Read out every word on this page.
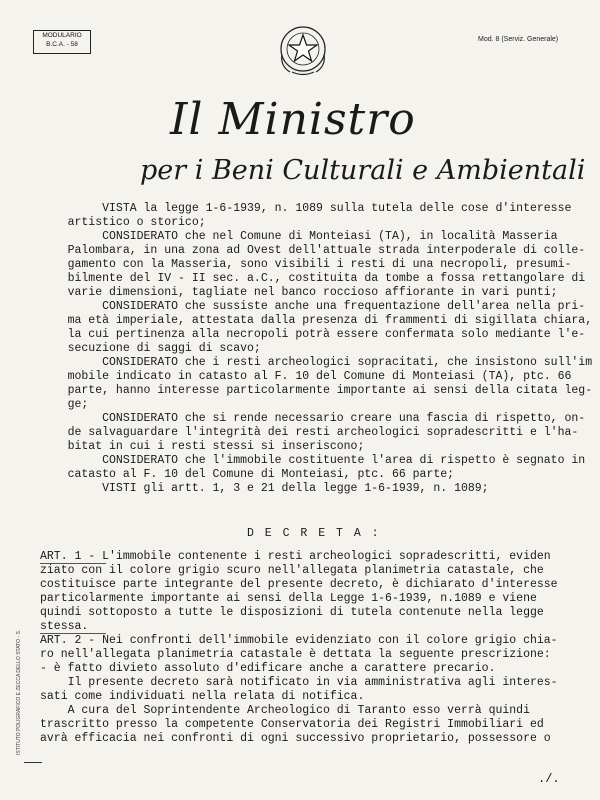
MODULARIO
B.C.A. - 58
Mod. 8 (Serviz. Generale)
Il Ministro
per i Beni Culturali e Ambientali

VISTA la legge 1-6-1939, n. 1089 sulla tutela delle cose d'interesse

artistico o storico;

CONSIDERATO che nel Comune di Monteiasi (TA), in località Masseria

Palombara, in una zona ad Ovest dell'attuale strada interpoderale di colle-

gamento con la Masseria, sono visibili i resti di una necropoli, presumi-

bilmente del IV - II sec. a.C., costituita da tombe a fossa rettangolare di

varie dimensioni, tagliate nel banco roccioso affiorante in vari punti;

CONSIDERATO che sussiste anche una frequentazione dell'area nella pri-

ma età imperiale, attestata dalla presenza di frammenti di sigillata chiara,

la cui pertinenza alla necropoli potrà essere confermata solo mediante l'e-

secuzione di saggi di scavo;

CONSIDERATO che i resti archeologici sopracitati, che insistono sull'im

mobile indicato in catasto al F. 10 del Comune di Monteiasi (TA), ptc. 66

parte, hanno interesse particolarmente importante ai sensi della citata leg-

ge;

CONSIDERATO che si rende necessario creare una fascia di rispetto, on-

de salvaguardare l'integrità dei resti archeologici sopradescritti e l'ha-

bitat in cui i resti stessi si inseriscono;

CONSIDERATO che l'immobile costituente l'area di rispetto è segnato in

catasto al F. 10 del Comune di Monteiasi, ptc. 66 parte;

VISTI gli artt. 1, 3 e 21 della legge 1-6-1939, n. 1089;

D E C R E T A :

ART. 1 - L'immobile contenente i resti archeologici sopradescritti, eviden

ziato con il colore grigio scuro nell'allegata planimetria catastale, che

costituisce parte integrante del presente decreto, è dichiarato d'interesse

particolarmente importante ai sensi della Legge 1-6-1939, n.1089 e viene

quindi sottoposto a tutte le disposizioni di tutela contenute nella legge

stessa.

ART. 2 - Nei confronti dell'immobile evidenziato con il colore grigio chia-

ro nell'allegata planimetria catastale è dettata la seguente prescrizione:

- è fatto divieto assoluto d'edificare anche a carattere precario.

Il presente decreto sarà notificato in via amministrativa agli interes-

sati come individuati nella relata di notifica.

A cura del Soprintendente Archeologico di Taranto esso verrà quindi

trascritto presso la competente Conservatoria dei Registri Immobiliari ed

avrà efficacia nei confronti di ogni successivo proprietario, possessore o

ISTITUTO POLIGRAFICO E ZECCA DELLO STATO - S.
./.
